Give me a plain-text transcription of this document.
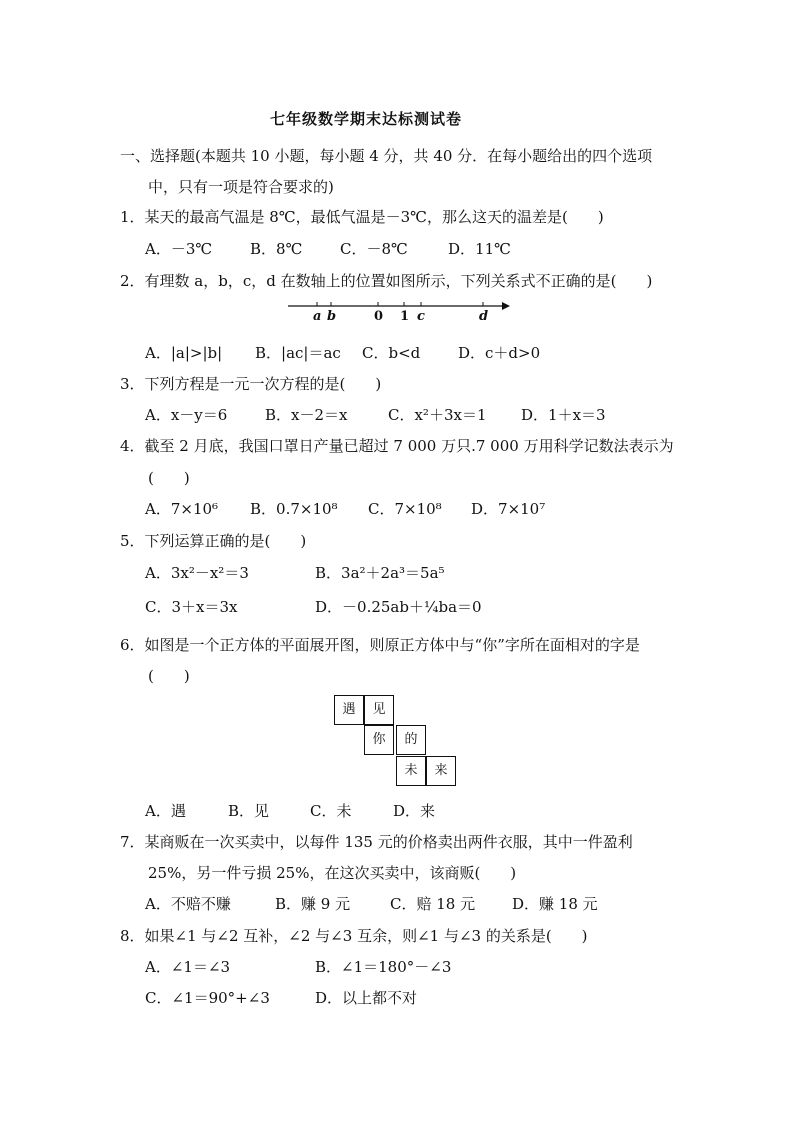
七年级数学期末达标测试卷
一、选择题(本题共 10 小题，每小题 4 分，共 40 分．在每小题给出的四个选项
中，只有一项是符合要求的)
1．某天的最高气温是 8℃，最低气温是－3℃，那么这天的温差是(　　)
A．－3℃	B．8℃	C．－8℃	D．11℃
2．有理数 a，b，c，d 在数轴上的位置如图所示，下列关系式不正确的是(　　)
a b	0 1 c	d
A．|a|>|b| B．|ac|＝ac C．b<d	D．c＋d>0
3．下列方程是一元一次方程的是(　　)
A．x－y＝6	B．x－2＝x	C．x²＋3x＝1 D．1＋x＝3
4．截至 2 月底，我国口罩日产量已超过 7 000 万只.7 000 万用科学记数法表示为
(　　)
A．7×10⁶ B．0.7×10⁸ C．7×10⁸ D．7×10⁷
5．下列运算正确的是(　　)
A．3x²－x²＝3	B．3a²＋2a³＝5a⁵
C．3＋x＝3x	D．－0.25ab＋¼ba＝0
6．如图是一个正方体的平面展开图，则原正方体中与“你”字所在面相对的字是
(　　)
遇	见
你	的
未	来
A．遇	B．见	C．未	D．来
7．某商贩在一次买卖中，以每件 135 元的价格卖出两件衣服，其中一件盈利
25%，另一件亏损 25%，在这次买卖中，该商贩(　　)
A．不赔不赚	B．赚 9 元	C．赔 18 元 D．赚 18 元
8．如果∠1 与∠2 互补，∠2 与∠3 互余，则∠1 与∠3 的关系是(　　)
A．∠1＝∠3	B．∠1＝180°－∠3
C．∠1＝90°+∠3	D．以上都不对
